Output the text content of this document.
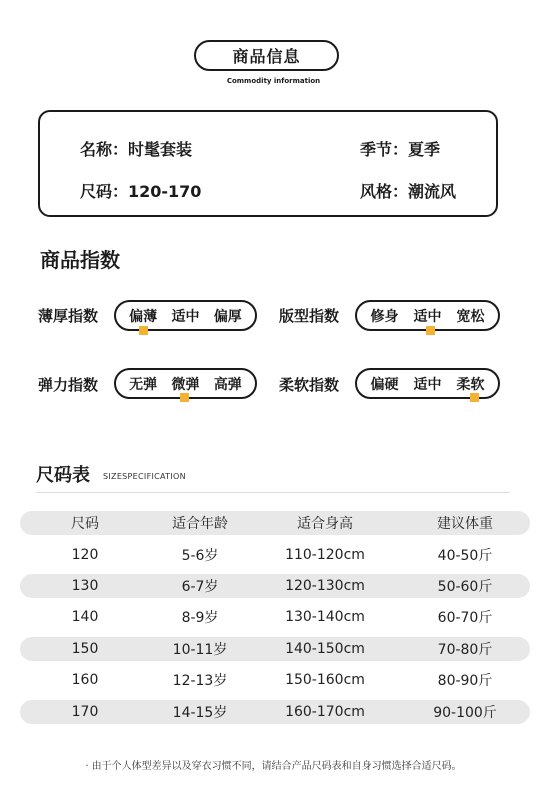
商品信息
Commodity information
名称：时髦套装	季节：夏季
尺码：120-170	风格：潮流风
商品指数
薄厚指数 偏薄 适中 偏厚 版型指数 修身 适中 宽松
弹力指数 无弹 微弹 高弹 柔软指数 偏硬 适中 柔软
尺码表 SIZESPECIFICATION
尺码	适合年龄	适合身高	建议体重
120	5-6岁	110-120cm	40-50斤
130	6-7岁	120-130cm	50-60斤
140	8-9岁	130-140cm	60-70斤
150	10-11岁	140-150cm	70-80斤
160	12-13岁	150-160cm	80-90斤
170	14-15岁	160-170cm	90-100斤
· 由于个人体型差异以及穿衣习惯不同，请结合产品尺码表和自身习惯选择合适尺码。
